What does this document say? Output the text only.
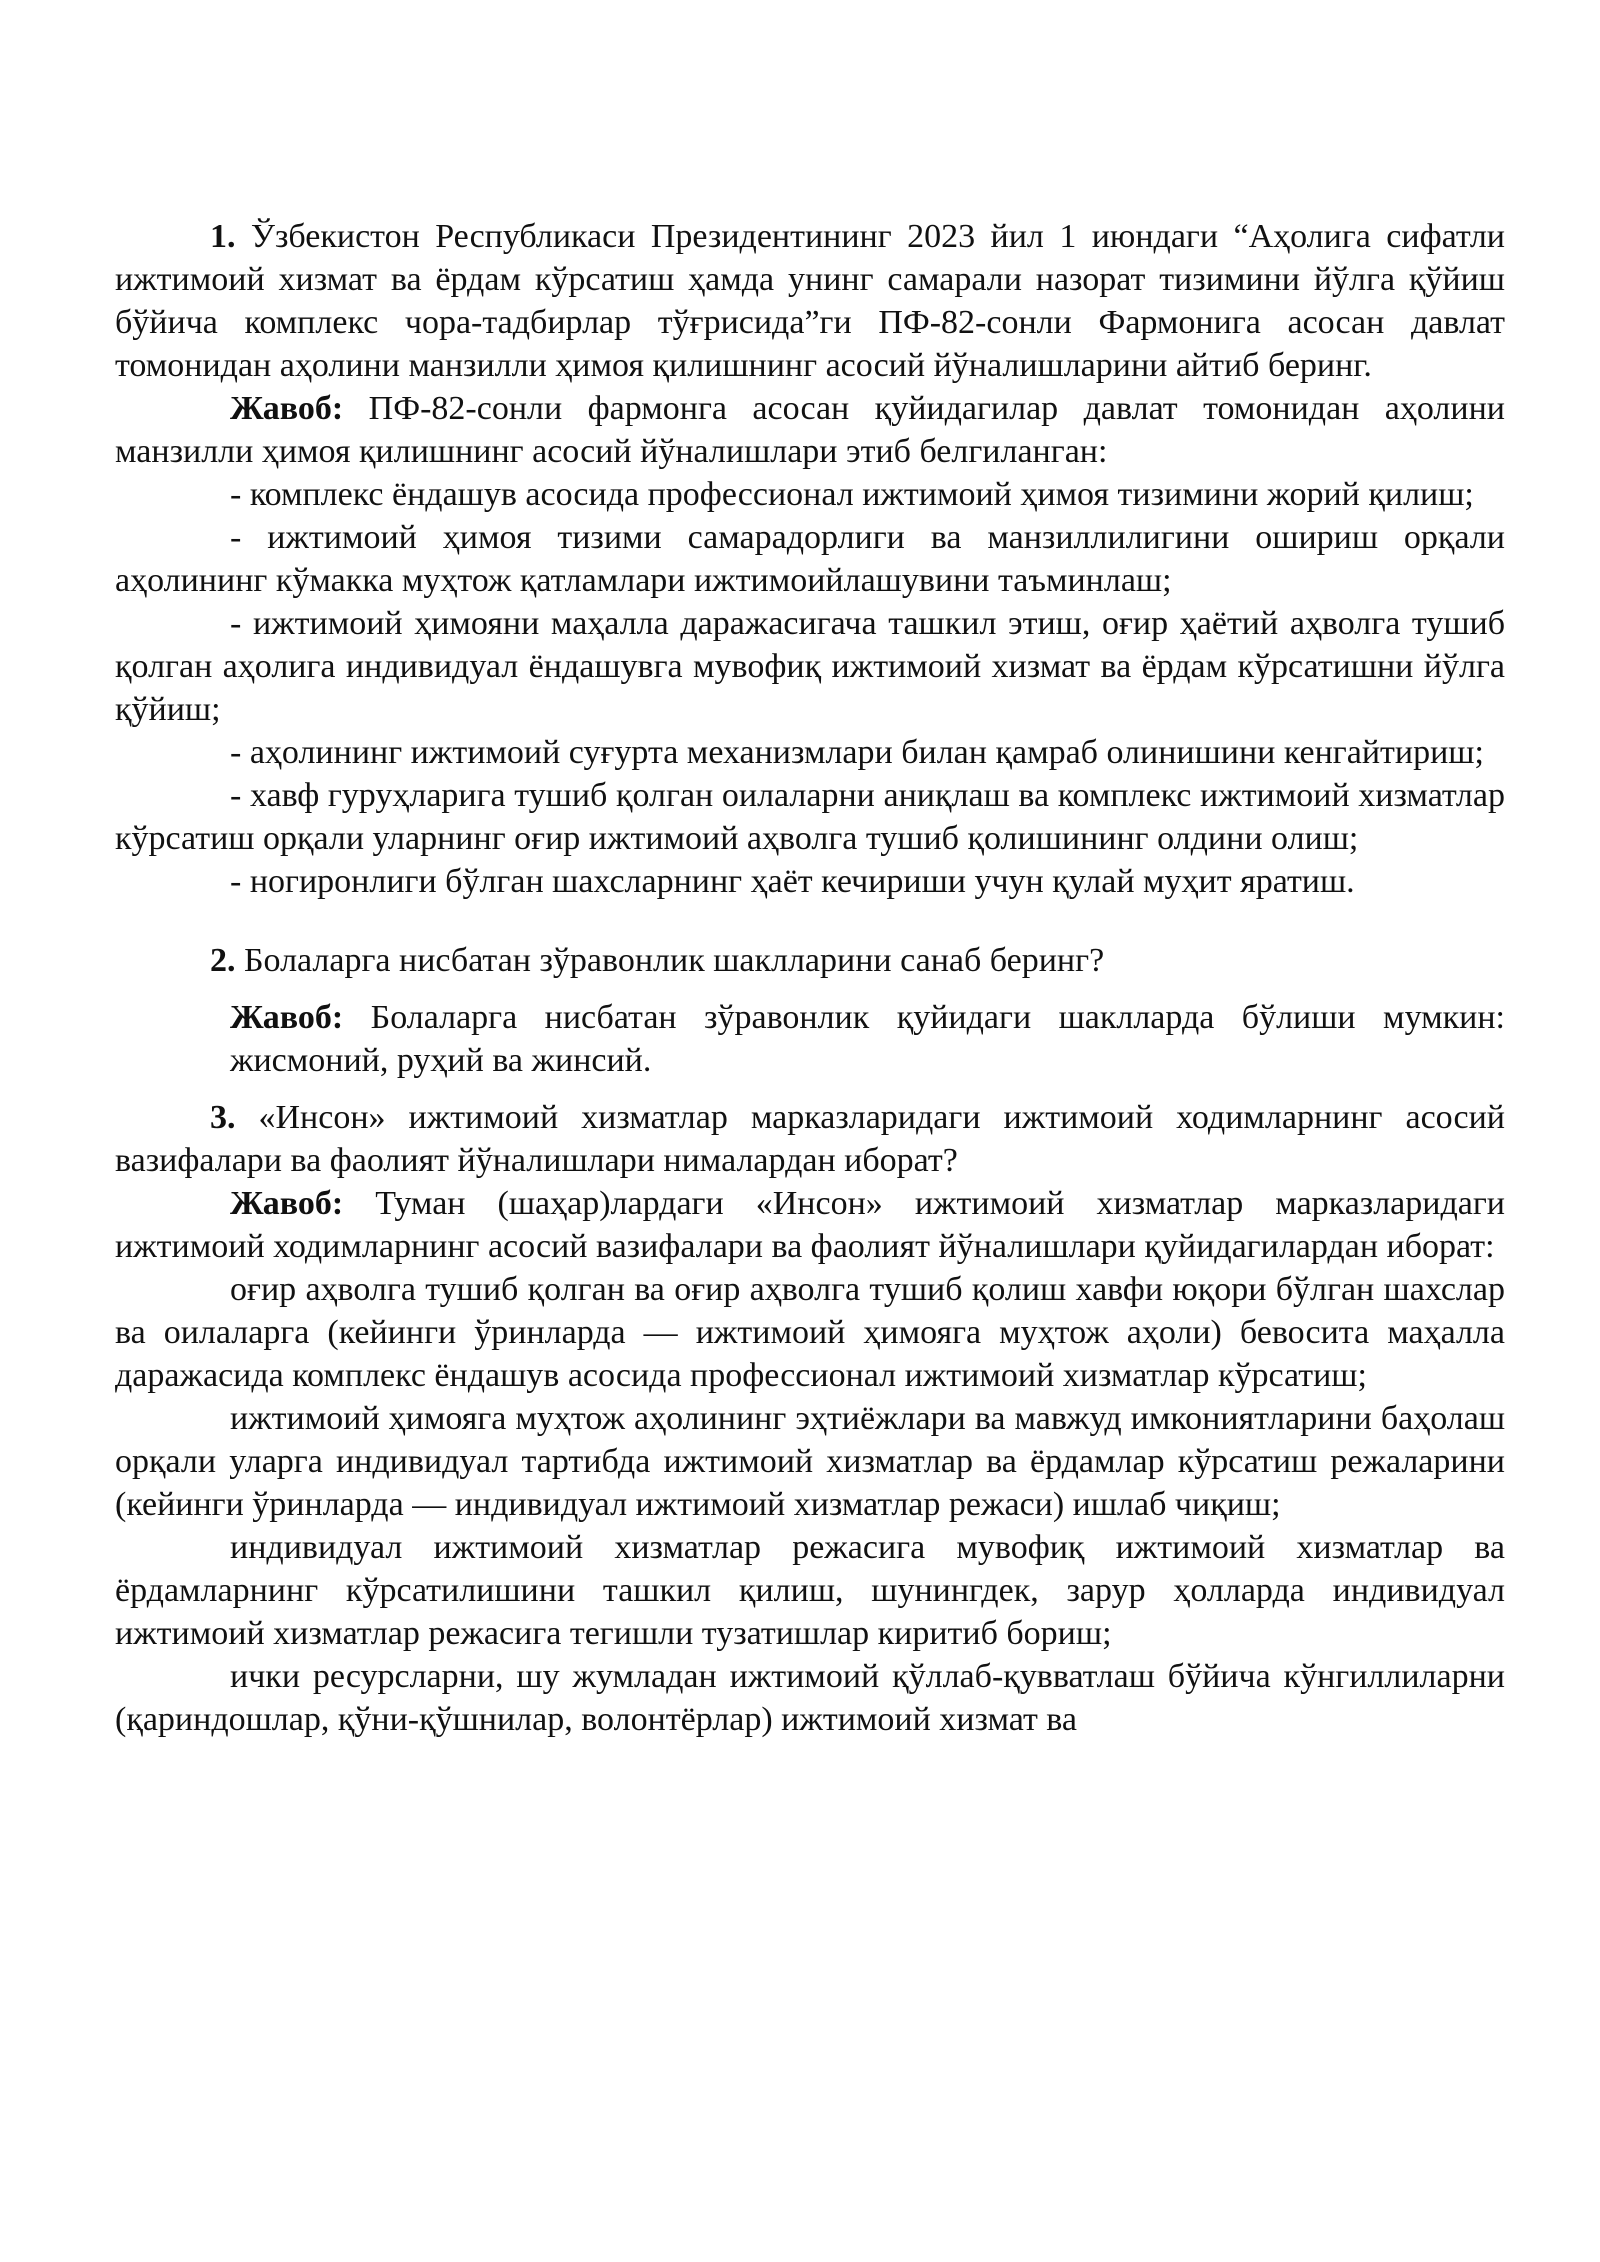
1. Ўзбекистон Республикаси Президентининг 2023 йил 1 июндаги “Аҳолига сифатли ижтимоий хизмат ва ёрдам кўрсатиш ҳамда унинг самарали назорат тизимини йўлга қўйиш бўйича комплекс чора-тадбирлар тўғрисида”ги ПФ-82-сонли Фармонига асосан давлат томонидан аҳолини манзилли ҳимоя қилишнинг асосий йўналишларини айтиб беринг.

Жавоб: ПФ-82-сонли фармонга асосан қуйидагилар давлат томонидан аҳолини манзилли ҳимоя қилишнинг асосий йўналишлари этиб белгиланган:

- комплекс ёндашув асосида профессионал ижтимоий ҳимоя тизимини жорий қилиш;

- ижтимоий ҳимоя тизими самарадорлиги ва манзиллилигини ошириш орқали аҳолининг кўмакка муҳтож қатламлари ижтимоийлашувини таъминлаш;

- ижтимоий ҳимояни маҳалла даражасигача ташкил этиш, оғир ҳаётий аҳволга тушиб қолган аҳолига индивидуал ёндашувга мувофиқ ижтимоий хизмат ва ёрдам кўрсатишни йўлга қўйиш;

- аҳолининг ижтимоий суғурта механизмлари билан қамраб олинишини кенгайтириш;

- хавф гуруҳларига тушиб қолган оилаларни аниқлаш ва комплекс ижтимоий хизматлар кўрсатиш орқали уларнинг оғир ижтимоий аҳволга тушиб қолишининг олдини олиш;

- ногиронлиги бўлган шахсларнинг ҳаёт кечириши учун қулай муҳит яратиш.

2. Болаларга нисбатан зўравонлик шаклларини санаб беринг?

Жавоб: Болаларга нисбатан зўравонлик қуйидаги шаклларда бўлиши мумкин: жисмоний, руҳий ва жинсий.

3. «Инсон» ижтимоий хизматлар марказларидаги ижтимоий ходимларнинг асосий вазифалари ва фаолият йўналишлари нималардан иборат?

Жавоб: Туман (шаҳар)лардаги «Инсон» ижтимоий хизматлар марказларидаги ижтимоий ходимларнинг асосий вазифалари ва фаолият йўналишлари қуйидагилардан иборат:

оғир аҳволга тушиб қолган ва оғир аҳволга тушиб қолиш хавфи юқори бўлган шахслар ва оилаларга (кейинги ўринларда — ижтимоий ҳимояга муҳтож аҳоли) бевосита маҳалла даражасида комплекс ёндашув асосида профессионал ижтимоий хизматлар кўрсатиш;

ижтимоий ҳимояга муҳтож аҳолининг эҳтиёжлари ва мавжуд имкониятларини баҳолаш орқали уларга индивидуал тартибда ижтимоий хизматлар ва ёрдамлар кўрсатиш режаларини (кейинги ўринларда — индивидуал ижтимоий хизматлар режаси) ишлаб чиқиш;

индивидуал ижтимоий хизматлар режасига мувофиқ ижтимоий хизматлар ва ёрдамларнинг кўрсатилишини ташкил қилиш, шунингдек, зарур ҳолларда индивидуал ижтимоий хизматлар режасига тегишли тузатишлар киритиб бориш;

ички ресурсларни, шу жумладан ижтимоий қўллаб-қувватлаш бўйича кўнгиллиларни (қариндошлар, қўни-қўшнилар, волонтёрлар) ижтимоий хизмат ва
